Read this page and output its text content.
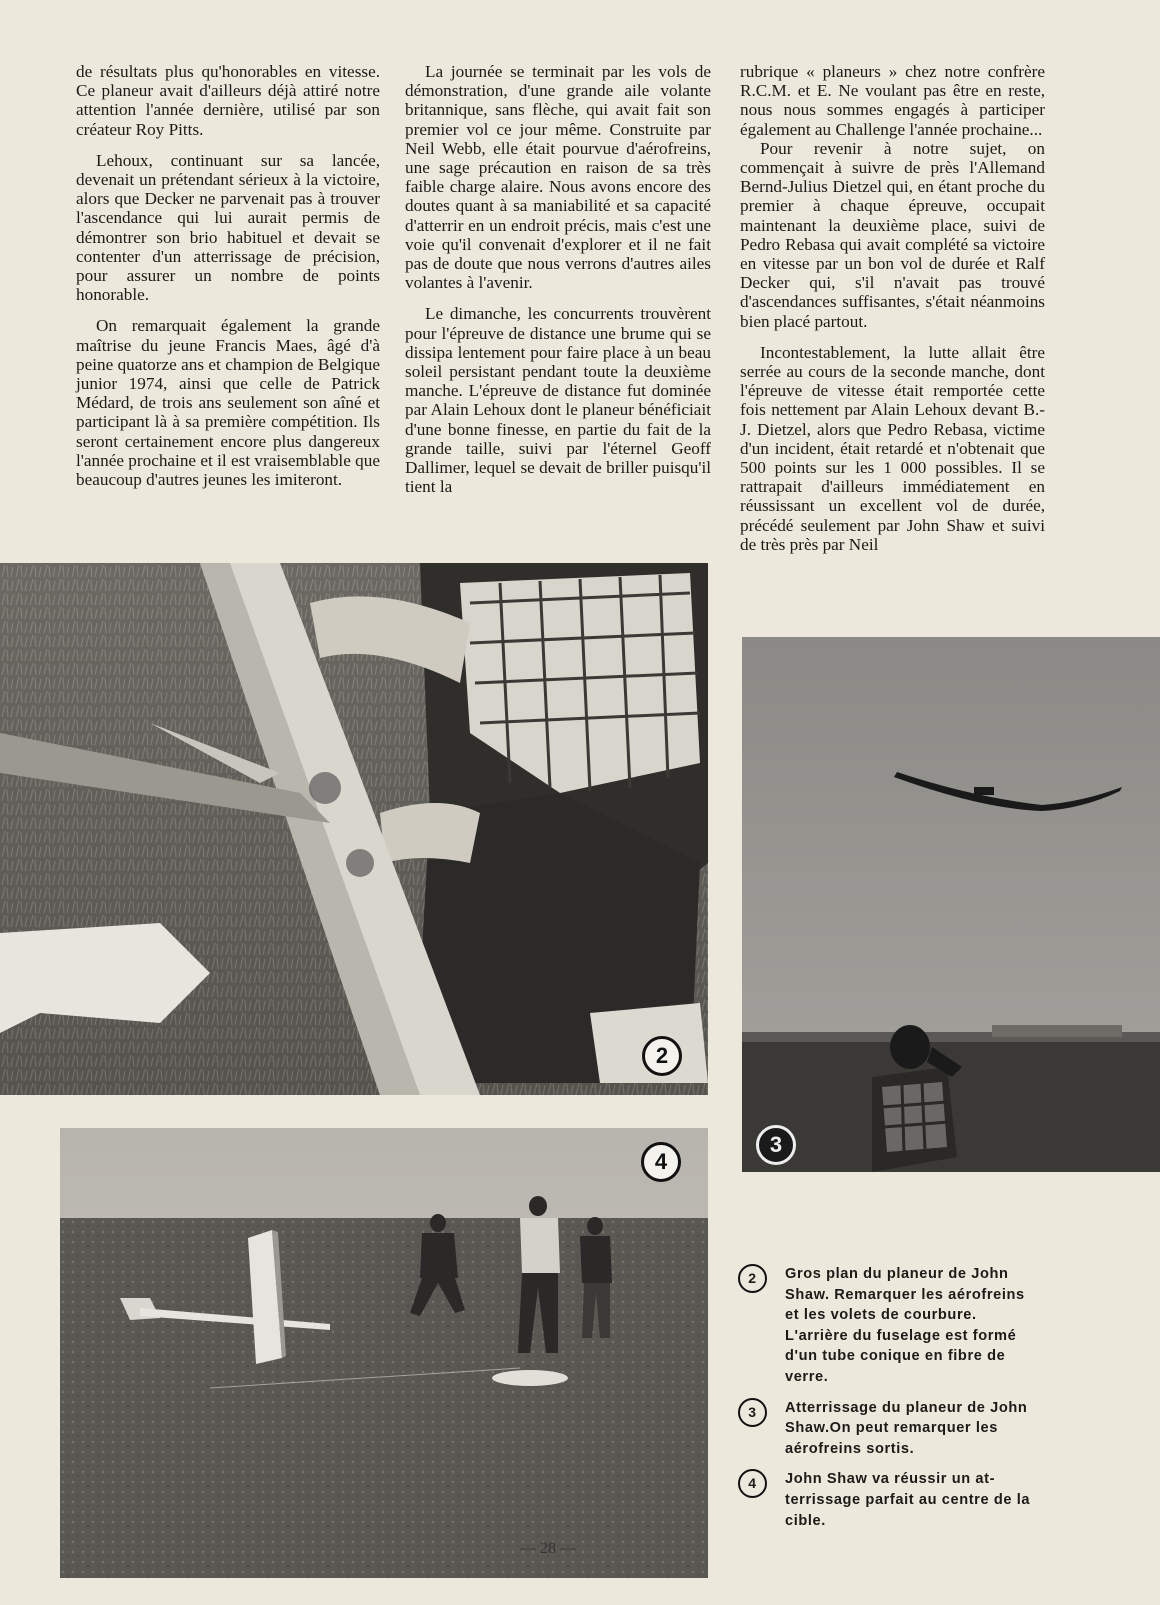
de résultats plus qu'honorables en vitesse. Ce planeur avait d'ailleurs déjà attiré notre attention l'année dernière, utilisé par son créateur Roy Pitts.

Lehoux, continuant sur sa lancée, devenait un prétendant sérieux à la victoire, alors que Decker ne parvenait pas à trouver l'ascendance qui lui aurait permis de démontrer son brio habituel et devait se contenter d'un atterrissage de précision, pour assurer un nombre de points honorable.

On remarquait également la grande maîtrise du jeune Francis Maes, âgé d'à peine quatorze ans et champion de Belgique junior 1974, ainsi que celle de Patrick Médard, de trois ans seulement son aîné et participant là à sa première compétition. Ils seront certainement encore plus dangereux l'année prochaine et il est vraisemblable que beaucoup d'autres jeunes les imiteront.

La journée se terminait par les vols de démonstration, d'une grande aile volante britannique, sans flèche, qui avait fait son premier vol ce jour même. Construite par Neil Webb, elle était pourvue d'aérofreins, une sage précaution en raison de sa très faible charge alaire. Nous avons encore des doutes quant à sa maniabilité et sa capacité d'atterrir en un endroit précis, mais c'est une voie qu'il convenait d'explorer et il ne fait pas de doute que nous verrons d'autres ailes volantes à l'avenir.

Le dimanche, les concurrents trouvèrent pour l'épreuve de distance une brume qui se dissipa lentement pour faire place à un beau soleil persistant pendant toute la deuxième manche. L'épreuve de distance fut dominée par Alain Lehoux dont le planeur bénéficiait d'une bonne finesse, en partie du fait de la grande taille, suivi par l'éternel Geoff Dallimer, lequel se devait de briller puisqu'il tient la

rubrique « planeurs » chez notre confrère R.C.M. et E. Ne voulant pas être en reste, nous nous sommes engagés à participer également au Challenge l'année prochaine...

Pour revenir à notre sujet, on commençait à suivre de près l'Allemand Bernd-Julius Dietzel qui, en étant proche du premier à chaque épreuve, occupait maintenant la deuxième place, suivi de Pedro Rebasa qui avait complété sa victoire en vitesse par un bon vol de durée et Ralf Decker qui, s'il n'avait pas trouvé d'ascendances suffisantes, s'était néanmoins bien placé partout.

Incontestablement, la lutte allait être serrée au cours de la seconde manche, dont l'épreuve de vitesse était remportée cette fois nettement par Alain Lehoux devant B.-J. Dietzel, alors que Pedro Rebasa, victime d'un incident, était retardé et n'obtenait que 500 points sur les 1 000 possibles. Il se rattrapait d'ailleurs immédiatement en réussissant un excellent vol de durée, précédé seulement par John Shaw et suivi de très près par Neil

2
3
4
2	Gros plan du planeur de John Shaw. Remarquer les aérofreins et les volets de courbure. L'arrière du fuselage est formé d'un tube conique en fibre de verre.
3	Atterrissage du planeur de John Shaw.On peut remarquer les aérofreins sortis.
4	John Shaw va réussir un atterrissage parfait au centre de la cible.
— 28 —
